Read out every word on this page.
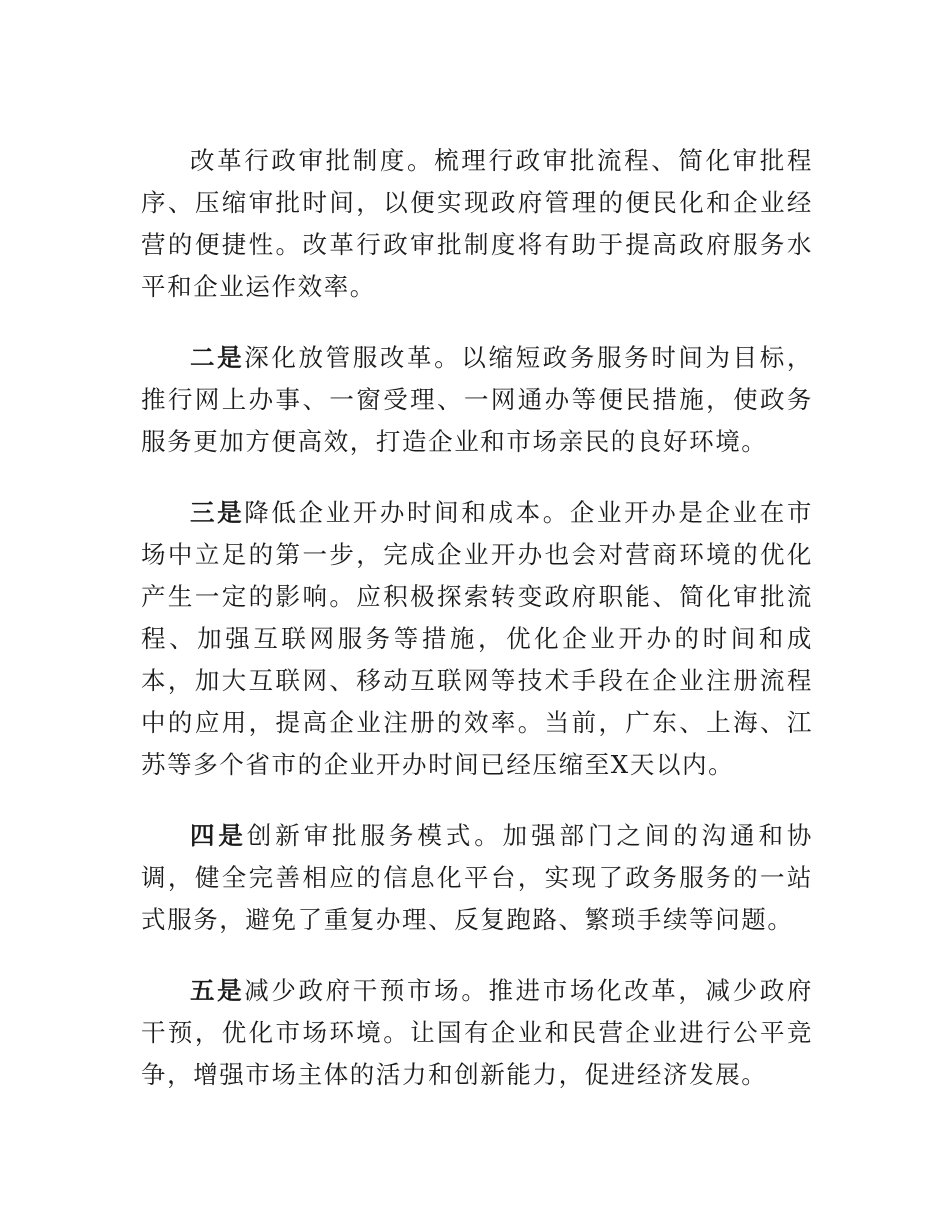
改革行政审批制度。梳理行政审批流程、简化审批程序、压缩审批时间，以便实现政府管理的便民化和企业经营的便捷性。改革行政审批制度将有助于提高政府服务水平和企业运作效率。

二是深化放管服改革。以缩短政务服务时间为目标，推行网上办事、一窗受理、一网通办等便民措施，使政务服务更加方便高效，打造企业和市场亲民的良好环境。

三是降低企业开办时间和成本。企业开办是企业在市场中立足的第一步，完成企业开办也会对营商环境的优化产生一定的影响。应积极探索转变政府职能、简化审批流程、加强互联网服务等措施，优化企业开办的时间和成本，加大互联网、移动互联网等技术手段在企业注册流程中的应用，提高企业注册的效率。当前，广东、上海、江苏等多个省市的企业开办时间已经压缩至X天以内。

四是创新审批服务模式。加强部门之间的沟通和协调，健全完善相应的信息化平台，实现了政务服务的一站式服务，避免了重复办理、反复跑路、繁琐手续等问题。

五是减少政府干预市场。推进市场化改革，减少政府干预，优化市场环境。让国有企业和民营企业进行公平竞争，增强市场主体的活力和创新能力，促进经济发展。
